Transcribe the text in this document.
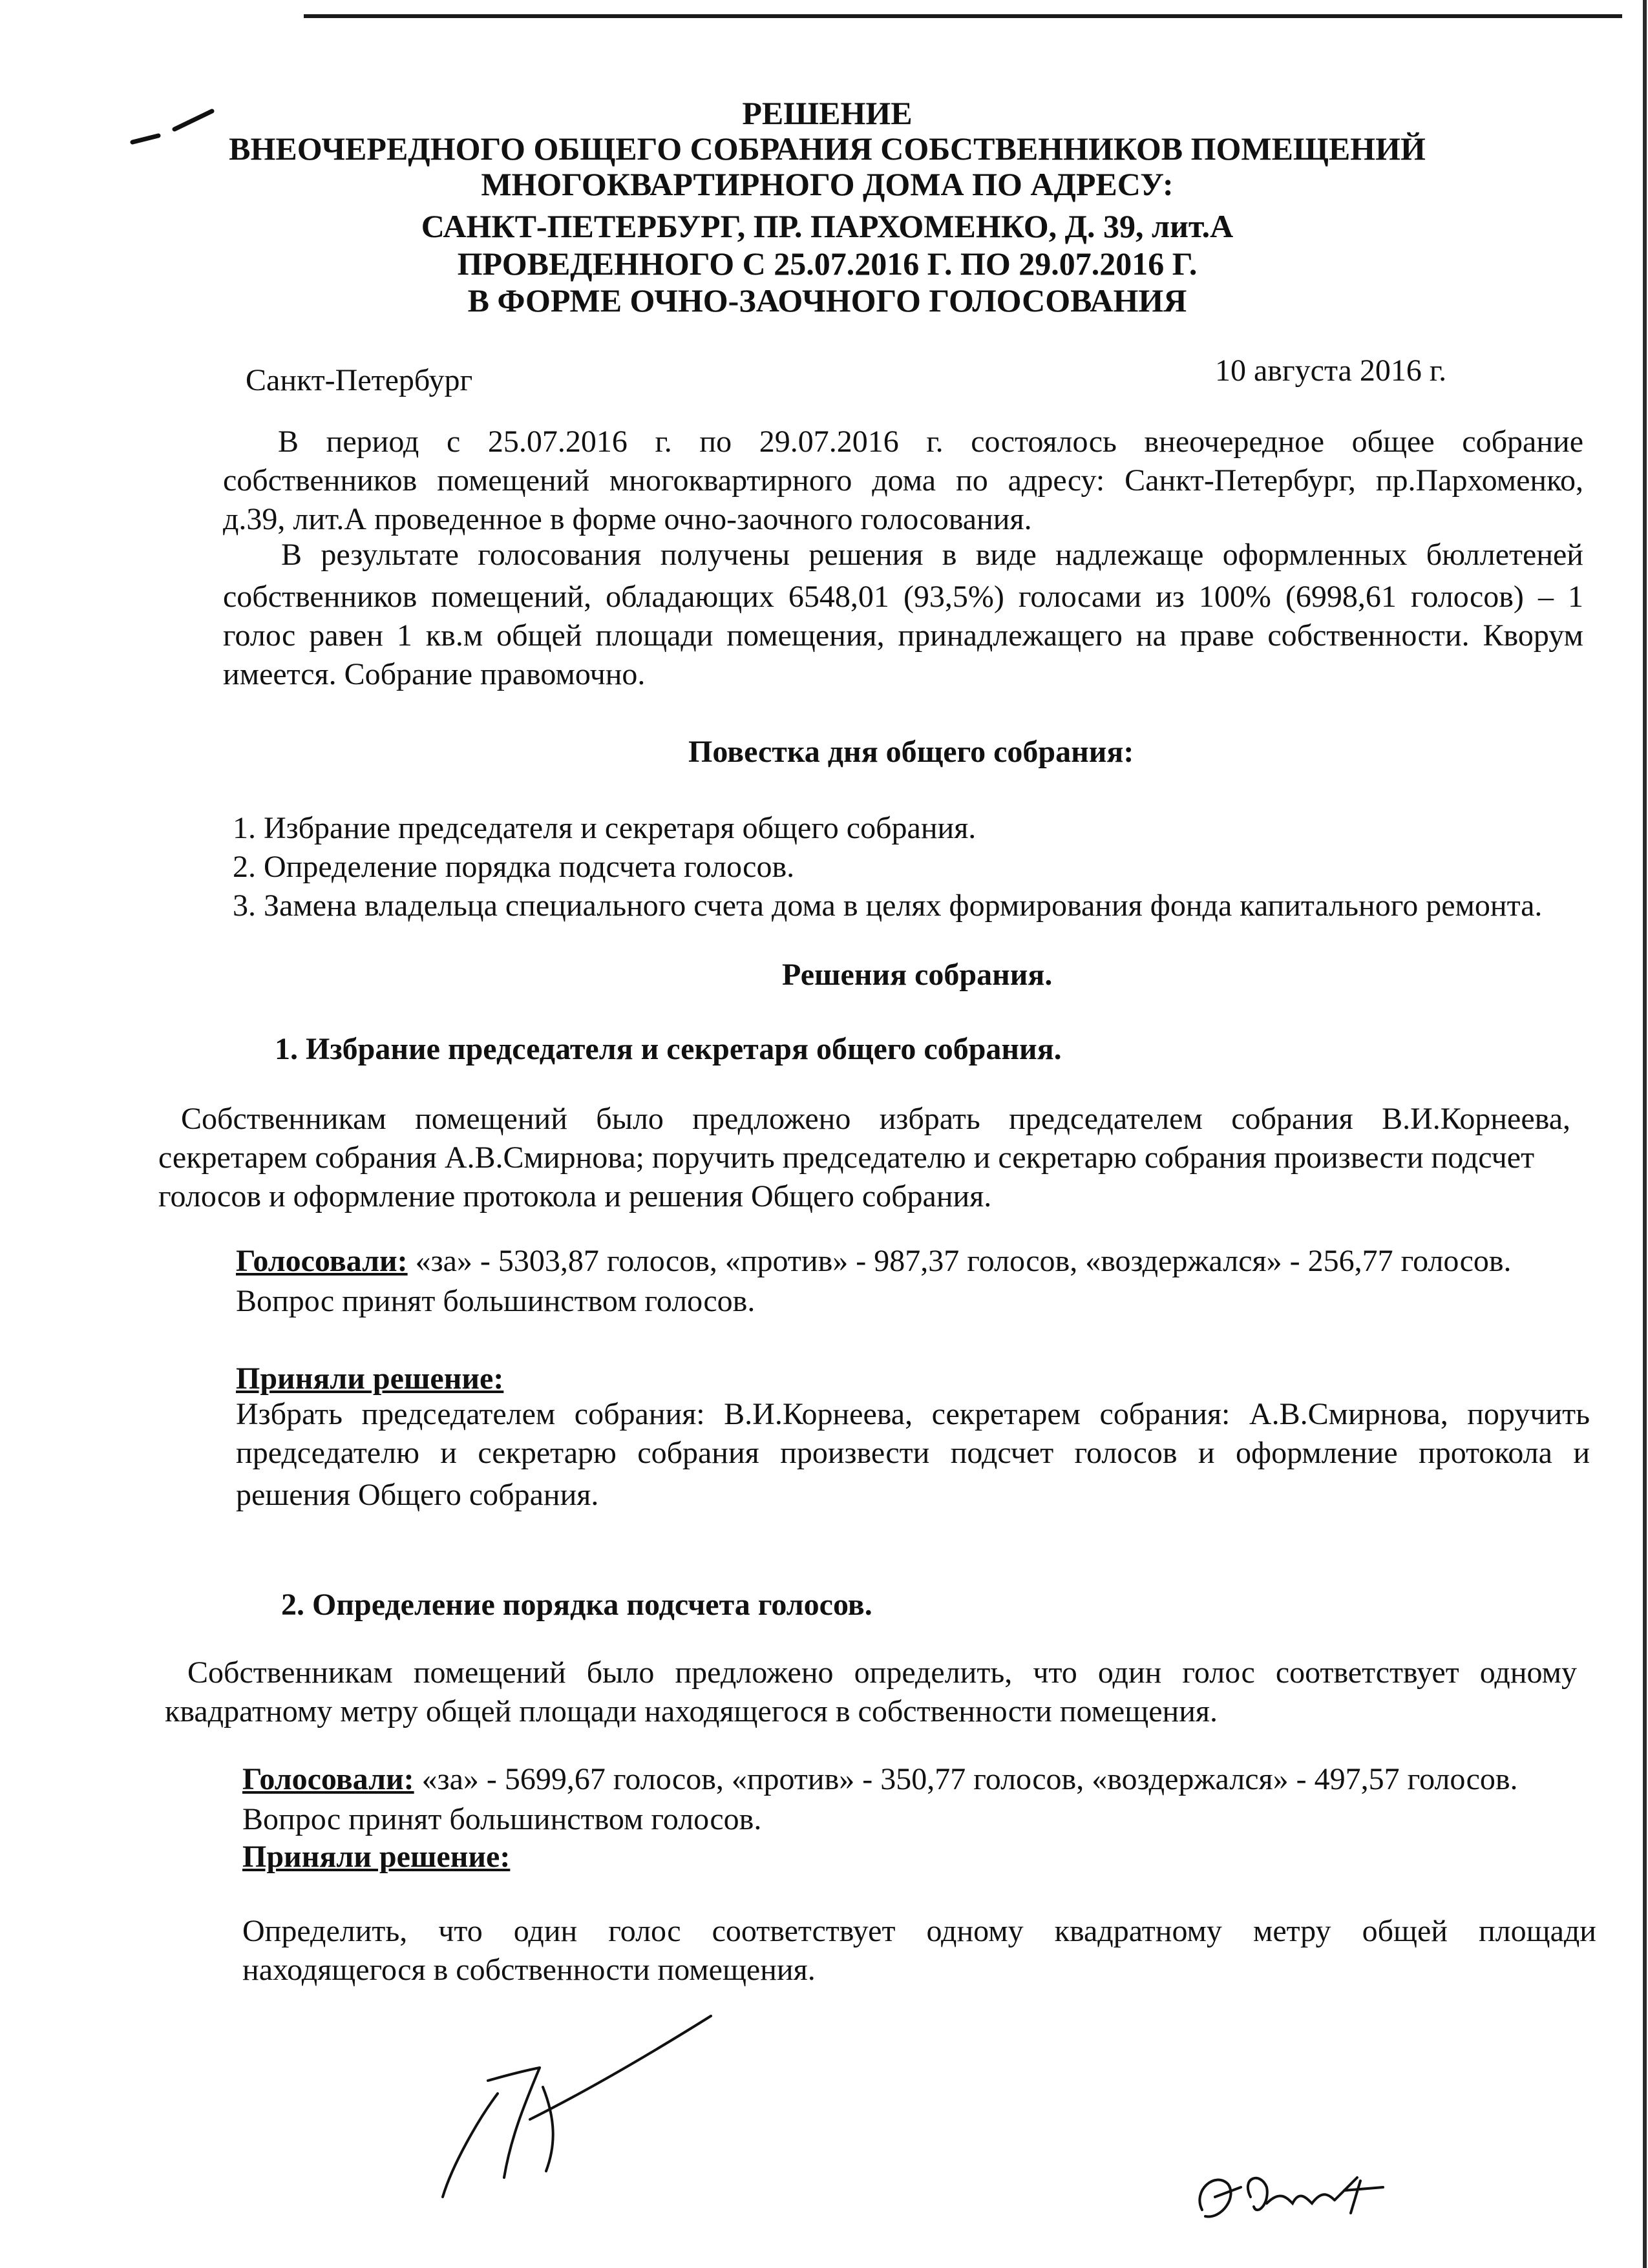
РЕШЕНИЕ
ВНЕОЧЕРЕДНОГО ОБЩЕГО СОБРАНИЯ СОБСТВЕННИКОВ ПОМЕЩЕНИЙ
МНОГОКВАРТИРНОГО ДОМА ПО АДРЕСУ:
САНКТ-ПЕТЕРБУРГ, ПР. ПАРХОМЕНКО, Д. 39, лит.А
ПРОВЕДЕННОГО С 25.07.2016 Г. ПО 29.07.2016 Г.
В ФОРМЕ ОЧНО-ЗАОЧНОГО ГОЛОСОВАНИЯ
Санкт-Петербург	10 августа 2016 г.
В период с 25.07.2016 г. по 29.07.2016 г. состоялось внеочередное общее собрание
собственников помещений многоквартирного дома по адресу: Санкт-Петербург, пр.Пархоменко,
д.39, лит.А проведенное в форме очно-заочного голосования.
В результате голосования получены решения в виде надлежаще оформленных бюллетеней
собственников помещений, обладающих 6548,01 (93,5%) голосами из 100% (6998,61 голосов) – 1
голос равен 1 кв.м общей площади помещения, принадлежащего на праве собственности. Кворум
имеется. Собрание правомочно.
Повестка дня общего собрания:
1. Избрание председателя и секретаря общего собрания.
2. Определение порядка подсчета голосов.
3. Замена владельца специального счета дома в целях формирования фонда капитального ремонта.
Решения собрания.
1. Избрание председателя и секретаря общего собрания.
Собственникам помещений было предложено избрать председателем собрания В.И.Корнеева,
секретарем собрания А.В.Смирнова; поручить председателю и секретарю собрания произвести подсчет
голосов и оформление протокола и решения Общего собрания.
Голосовали: «за» - 5303,87 голосов, «против» - 987,37 голосов, «воздержался» - 256,77 голосов.
Вопрос принят большинством голосов.
Приняли решение:
Избрать председателем собрания: В.И.Корнеева, секретарем собрания: А.В.Смирнова, поручить
председателю и секретарю собрания произвести подсчет голосов и оформление протокола и
решения Общего собрания.
2. Определение порядка подсчета голосов.
Собственникам помещений было предложено определить, что один голос соответствует одному
квадратному метру общей площади находящегося в собственности помещения.
Голосовали: «за» - 5699,67 голосов, «против» - 350,77 голосов, «воздержался» - 497,57 голосов.
Вопрос принят большинством голосов.
Приняли решение:
Определить, что один голос соответствует одному квадратному метру общей площади
находящегося в собственности помещения.
